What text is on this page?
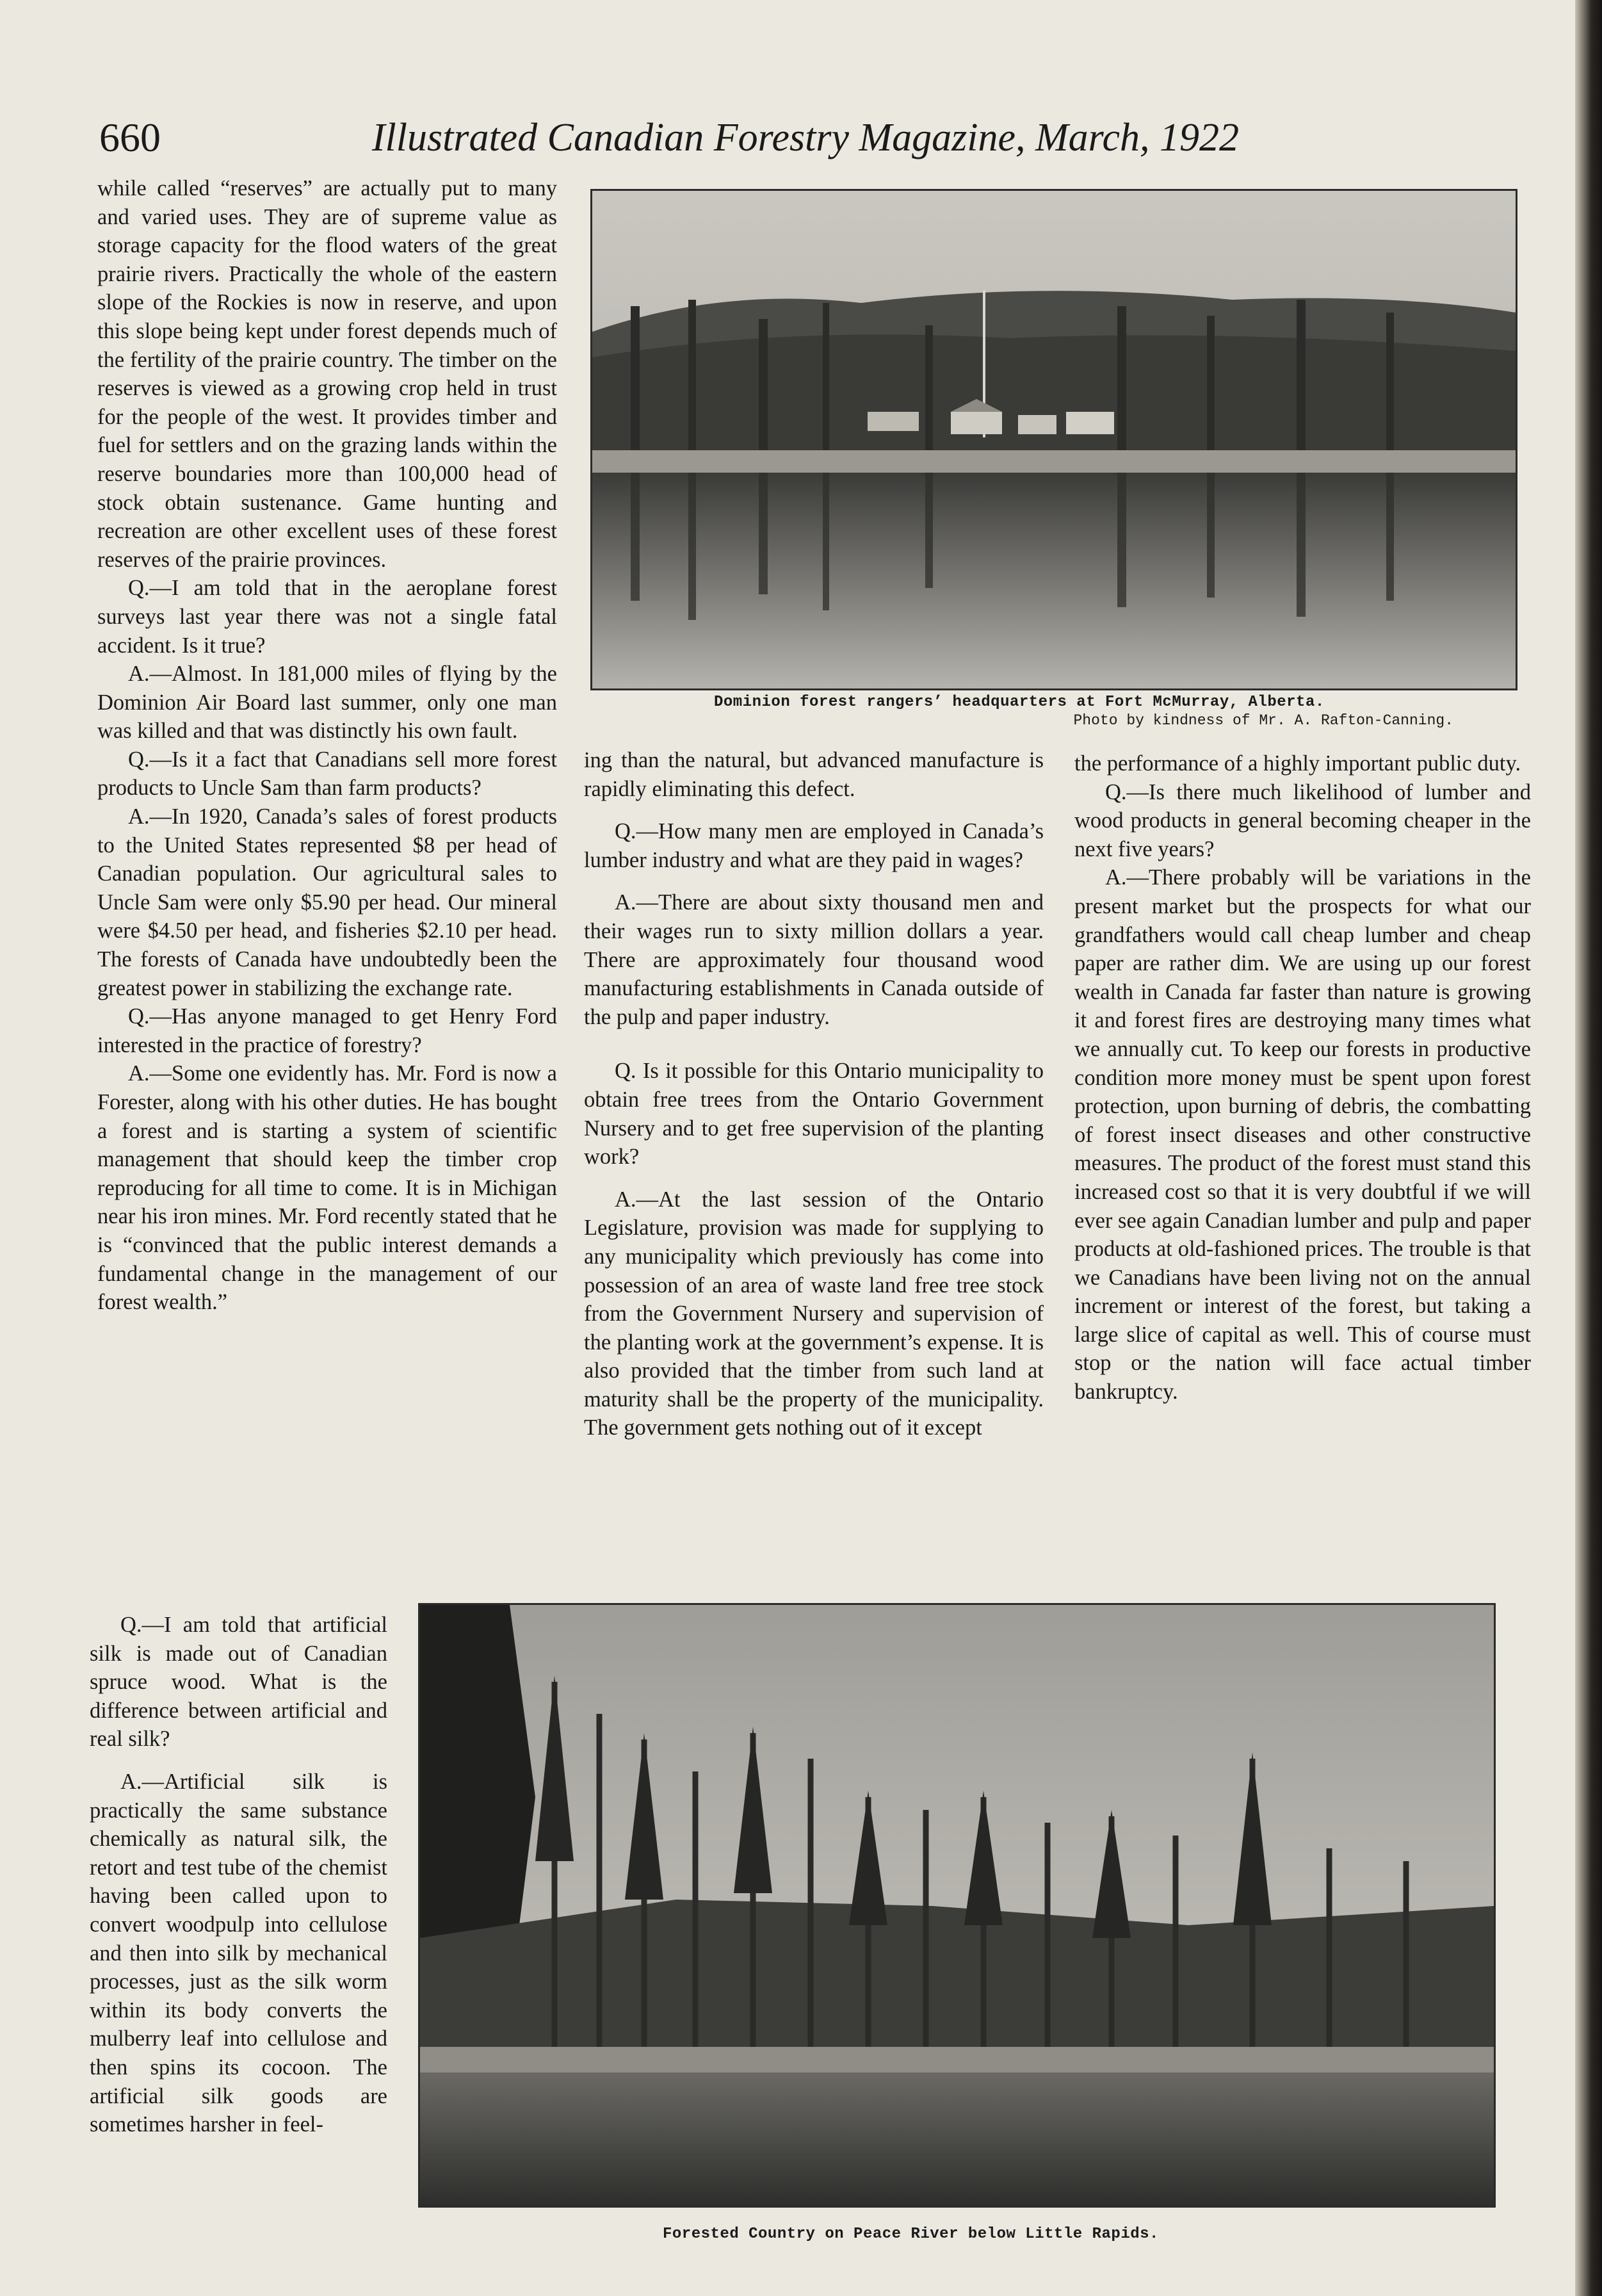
660	Illustrated Canadian Forestry Magazine, March, 1922

while called “reserves” are actually put to many and varied uses. They are of supreme value as storage capacity for the flood waters of the great prairie rivers. Practically the whole of the eastern slope of the Rockies is now in reserve, and upon this slope being kept under forest depends much of the fertility of the prairie country. The timber on the reserves is viewed as a growing crop held in trust for the people of the west. It provides timber and fuel for settlers and on the grazing lands within the reserve boundaries more than 100,000 head of stock obtain sustenance. Game hunting and recreation are other excellent uses of these forest reserves of the prairie provinces.

Q.—I am told that in the aeroplane forest surveys last year there was not a single fatal accident. Is it true?

A.—Almost. In 181,000 miles of flying by the Dominion Air Board last summer, only one man was killed and that was distinctly his own fault.

Q.—Is it a fact that Canadians sell more forest products to Uncle Sam than farm products?

A.—In 1920, Canada’s sales of forest products to the United States represented $8 per head of Canadian population. Our agricultural sales to Uncle Sam were only $5.90 per head. Our mineral were $4.50 per head, and fisheries $2.10 per head. The forests of Canada have undoubtedly been the greatest power in stabilizing the exchange rate.

Q.—Has anyone managed to get Henry Ford interested in the practice of forestry?

A.—Some one evidently has. Mr. Ford is now a Forester, along with his other duties. He has bought a forest and is starting a system of scientific management that should keep the timber crop reproducing for all time to come. It is in Michigan near his iron mines. Mr. Ford recently stated that he is “convinced that the public interest demands a fundamental change in the management of our forest wealth.”

Dominion forest rangers’ headquarters at Fort McMurray, Alberta.
Photo by kindness of Mr. A. Rafton-Canning.

ing than the natural, but advanced manufacture is rapidly eliminating this defect.

Q.—How many men are employed in Canada’s lumber industry and what are they paid in wages?

A.—There are about sixty thousand men and their wages run to sixty million dollars a year. There are approximately four thousand wood manufacturing establishments in Canada outside of the pulp and paper industry.

Q. Is it possible for this Ontario municipality to obtain free trees from the Ontario Government Nursery and to get free supervision of the planting work?

A.—At the last session of the Ontario Legislature, provision was made for supplying to any municipality which previously has come into possession of an area of waste land free tree stock from the Government Nursery and supervision of the planting work at the government’s expense. It is also provided that the timber from such land at maturity shall be the property of the municipality. The government gets nothing out of it except

the performance of a highly important public duty.

Q.—Is there much likelihood of lumber and wood products in general becoming cheaper in the next five years?

A.—There probably will be variations in the present market but the prospects for what our grandfathers would call cheap lumber and cheap paper are rather dim. We are using up our forest wealth in Canada far faster than nature is growing it and forest fires are destroying many times what we annually cut. To keep our forests in productive condition more money must be spent upon forest protection, upon burning of debris, the combatting of forest insect diseases and other constructive measures. The product of the forest must stand this increased cost so that it is very doubtful if we will ever see again Canadian lumber and pulp and paper products at old-fashioned prices. The trouble is that we Canadians have been living not on the annual increment or interest of the forest, but taking a large slice of capital as well. This of course must stop or the nation will face actual timber bankruptcy.

Q.—I am told that artificial silk is made out of Canadian spruce wood. What is the difference between artificial and real silk?

A.—Artificial silk is practically the same substance chemically as natural silk, the retort and test tube of the chemist having been called upon to convert woodpulp into cellulose and then into silk by mechanical processes, just as the silk worm within its body converts the mulberry leaf into cellulose and then spins its cocoon. The artificial silk goods are sometimes harsher in feel-

Forested Country on Peace River below Little Rapids.
